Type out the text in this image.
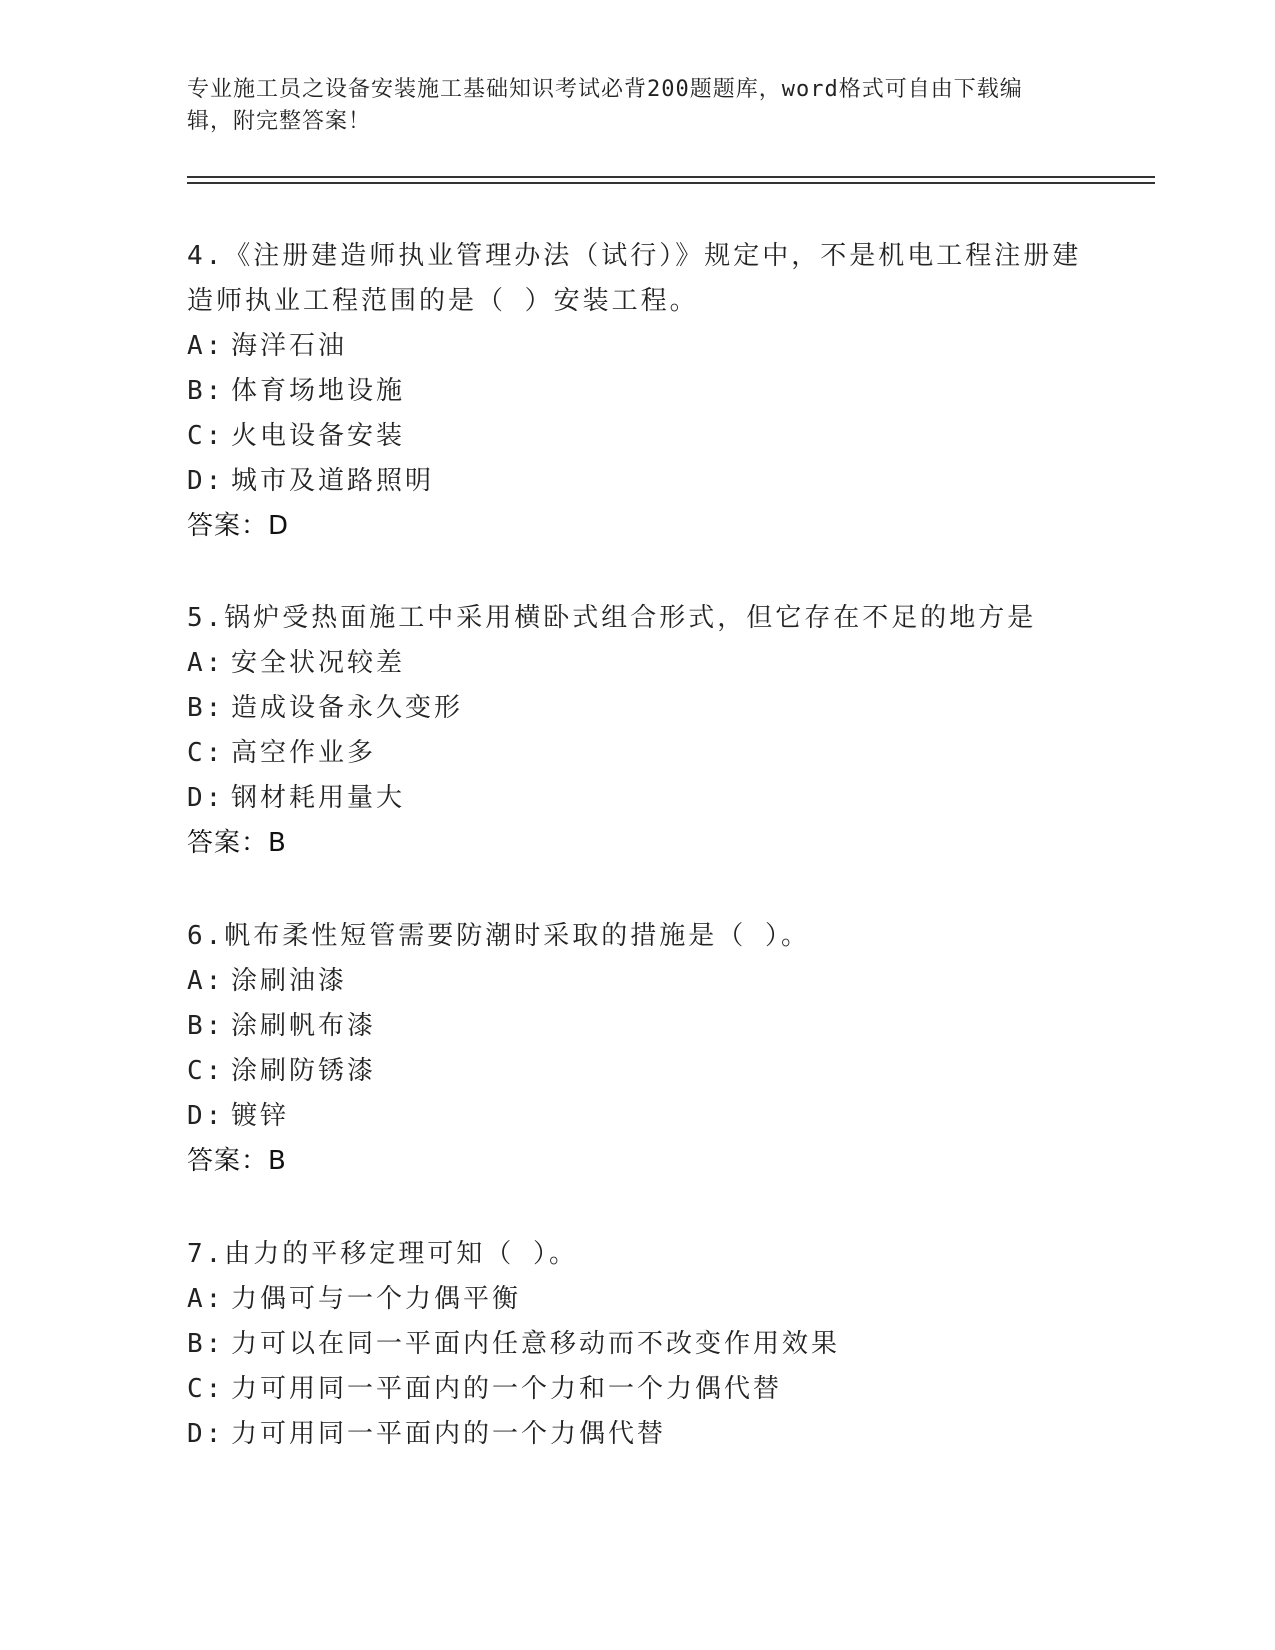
专业施工员之设备安装施工基础知识考试必背200题题库，word格式可自由下载编辑，附完整答案！
4.《注册建造师执业管理办法（试行）》规定中，不是机电工程注册建造师执业工程范围的是（ ）安装工程。
A: 海洋石油
B: 体育场地设施
C: 火电设备安装
D: 城市及道路照明
答案：D
5.锅炉受热面施工中采用横卧式组合形式，但它存在不足的地方是
A: 安全状况较差
B: 造成设备永久变形
C: 高空作业多
D: 钢材耗用量大
答案：B
6.帆布柔性短管需要防潮时采取的措施是（ ）。
A: 涂刷油漆
B: 涂刷帆布漆
C: 涂刷防锈漆
D: 镀锌
答案：B
7.由力的平移定理可知（ ）。
A: 力偶可与一个力偶平衡
B: 力可以在同一平面内任意移动而不改变作用效果
C: 力可用同一平面内的一个力和一个力偶代替
D: 力可用同一平面内的一个力偶代替
